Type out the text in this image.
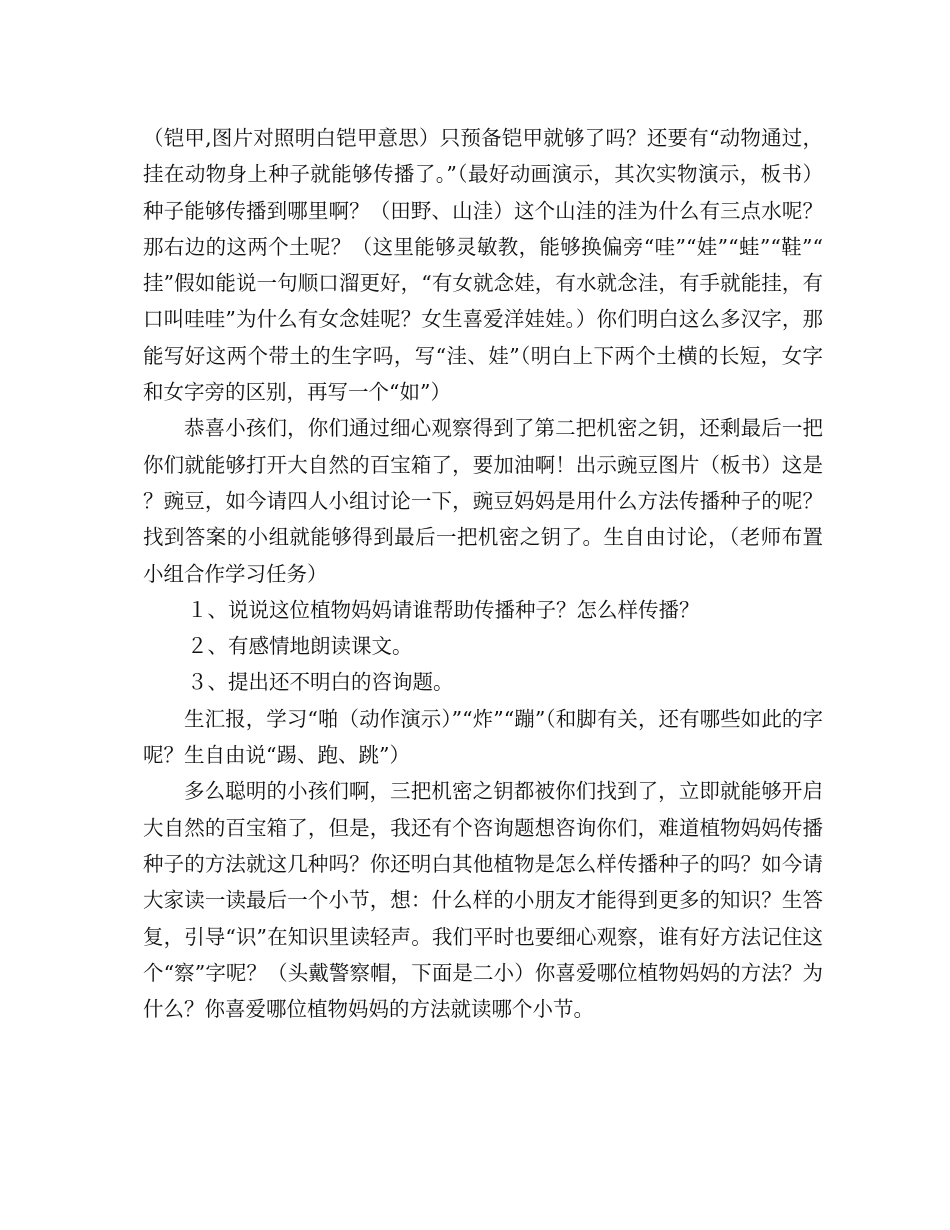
（铠甲,图片对照明白铠甲意思）只预备铠甲就够了吗？还要有“动物通过，挂在动物身上种子就能够传播了。”（最好动画演示，其次实物演示，板书）种子能够传播到哪里啊？（田野、山洼）这个山洼的洼为什么有三点水呢？那右边的这两个土呢？（这里能够灵敏教，能够换偏旁“哇”“娃”“蛙”“鞋”“挂”假如能说一句顺口溜更好，“有女就念娃，有水就念洼，有手就能挂，有口叫哇哇”为什么有女念娃呢？女生喜爱洋娃娃。）你们明白这么多汉字，那能写好这两个带土的生字吗，写“洼、娃”（明白上下两个土横的长短，女字和女字旁的区别，再写一个“如”）

恭喜小孩们，你们通过细心观察得到了第二把机密之钥，还剩最后一把你们就能够打开大自然的百宝箱了，要加油啊！出示豌豆图片（板书）这是？豌豆，如今请四人小组讨论一下，豌豆妈妈是用什么方法传播种子的呢？找到答案的小组就能够得到最后一把机密之钥了。生自由讨论，（老师布置小组合作学习任务）

１、说说这位植物妈妈请谁帮助传播种子？怎么样传播？

２、有感情地朗读课文。

３、提出还不明白的咨询题。

生汇报，学习“啪（动作演示）”“炸”“蹦”（和脚有关，还有哪些如此的字呢？生自由说“踢、跑、跳”）

多么聪明的小孩们啊，三把机密之钥都被你们找到了，立即就能够开启大自然的百宝箱了，但是，我还有个咨询题想咨询你们，难道植物妈妈传播种子的方法就这几种吗？你还明白其他植物是怎么样传播种子的吗？如今请大家读一读最后一个小节，想：什么样的小朋友才能得到更多的知识？生答复，引导“识”在知识里读轻声。我们平时也要细心观察，谁有好方法记住这个“察”字呢？（头戴警察帽，下面是二小）你喜爱哪位植物妈妈的方法？为什么？你喜爱哪位植物妈妈的方法就读哪个小节。
